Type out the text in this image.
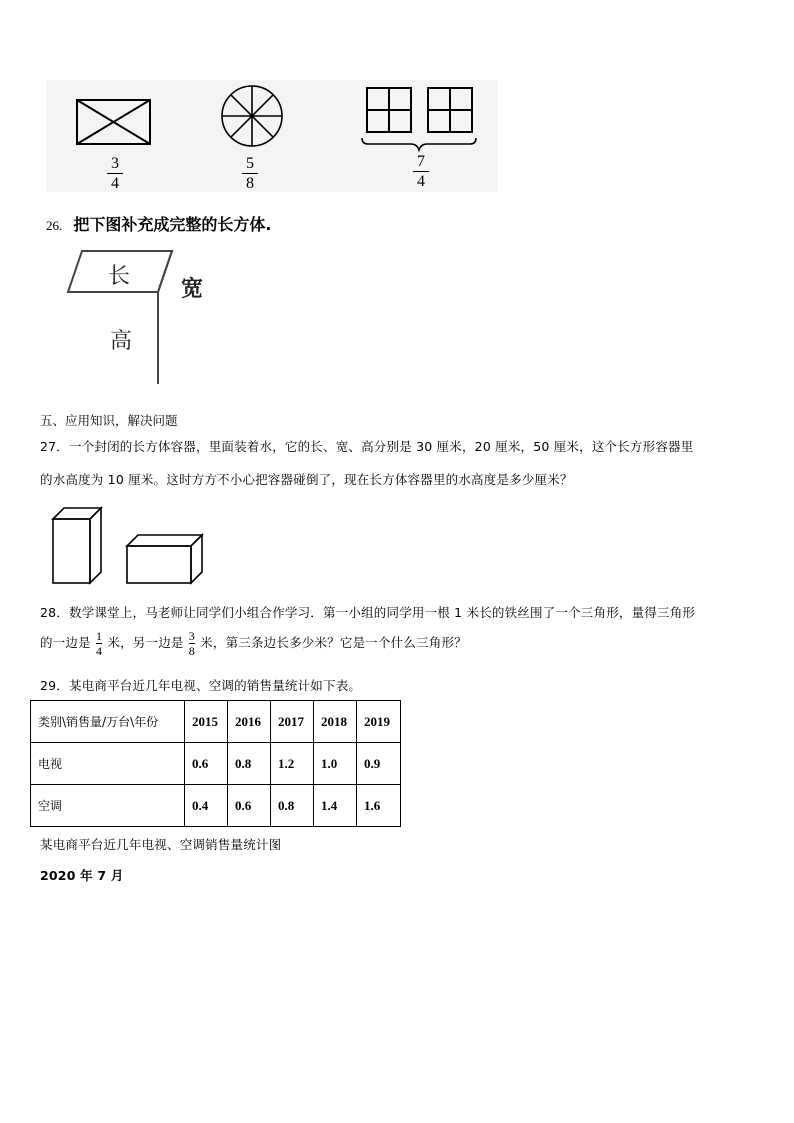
3
4
5
8
7
4
26. 把下图补充成完整的长方体.
长
宽
高
五、应用知识，解决问题
27．一个封闭的长方体容器，里面装着水，它的长、宽、高分别是 30 厘米，20 厘米，50 厘米，这个长方形容器里
的水高度为 10 厘米。这时方方不小心把容器碰倒了，现在长方体容器里的水高度是多少厘米？
28．数学课堂上，马老师让同学们小组合作学习．第一小组的同学用一根 1 米长的铁丝围了一个三角形，量得三角形
的一边是 $\frac{1}{4}$ 米，另一边是 $\frac{3}{8}$ 米，第三条边长多少米？它是一个什么三角形？
29．某电商平台近几年电视、空调的销售量统计如下表。
类别\销售量/万台\年份	2015	2016	2017	2018	2019
电视	0.6	0.8	1.2	1.0	0.9
空调	0.4	0.6	0.8	1.4	1.6
某电商平台近几年电视、空调销售量统计图
2020 年 7 月
